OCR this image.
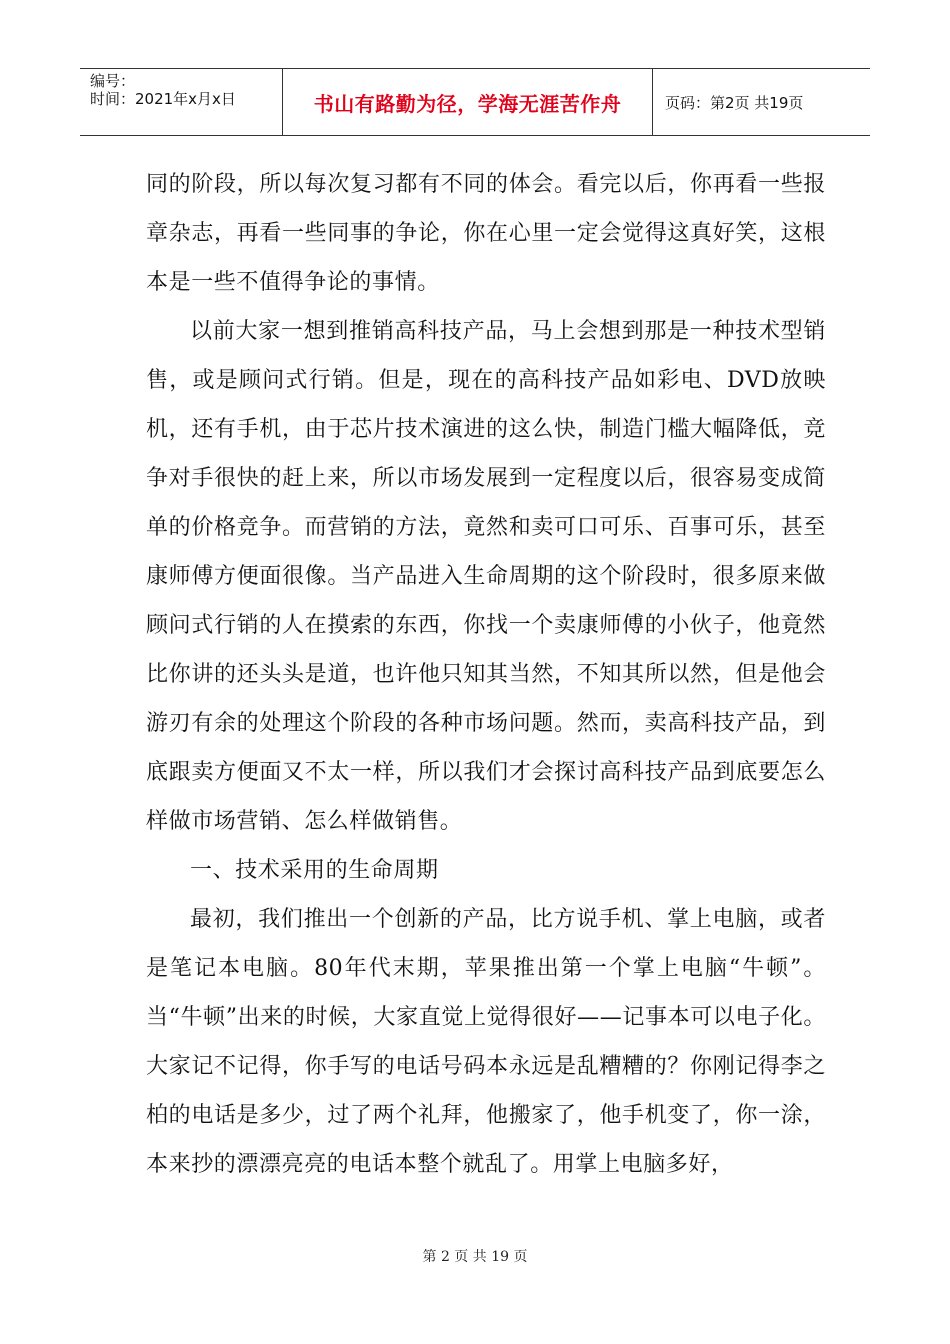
编号：
时间：2021年x月x日	书山有路勤为径，学海无涯苦作舟	页码：第2页 共19页

同的阶段，所以每次复习都有不同的体会。看完以后，你再看一些报章杂志，再看一些同事的争论，你在心里一定会觉得这真好笑，这根本是一些不值得争论的事情。

以前大家一想到推销高科技产品，马上会想到那是一种技术型销售，或是顾问式行销。但是，现在的高科技产品如彩电、DVD放映机，还有手机，由于芯片技术演进的这么快，制造门槛大幅降低，竞争对手很快的赶上来，所以市场发展到一定程度以后，很容易变成简单的价格竞争。而营销的方法，竟然和卖可口可乐、百事可乐，甚至康师傅方便面很像。当产品进入生命周期的这个阶段时，很多原来做顾问式行销的人在摸索的东西，你找一个卖康师傅的小伙子，他竟然比你讲的还头头是道，也许他只知其当然，不知其所以然，但是他会游刃有余的处理这个阶段的各种市场问题。然而，卖高科技产品，到底跟卖方便面又不太一样，所以我们才会探讨高科技产品到底要怎么样做市场营销、怎么样做销售。

一、技术采用的生命周期

最初，我们推出一个创新的产品，比方说手机、掌上电脑，或者是笔记本电脑。80年代末期，苹果推出第一个掌上电脑“牛顿”。当“牛顿”出来的时候，大家直觉上觉得很好——记事本可以电子化。大家记不记得，你手写的电话号码本永远是乱糟糟的？你刚记得李之柏的电话是多少，过了两个礼拜，他搬家了，他手机变了，你一涂，本来抄的漂漂亮亮的电话本整个就乱了。用掌上电脑多好，

第 2 页 共 19 页
